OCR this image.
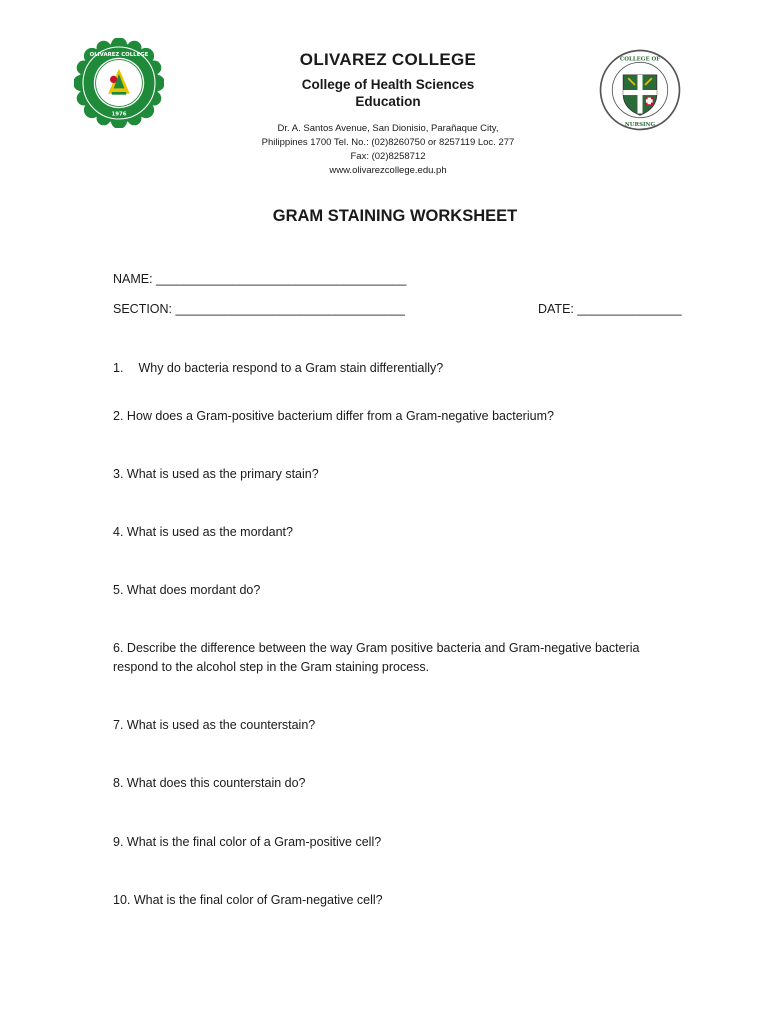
OLIVAREZ COLLEGE
1976
COLLEGE OF
NURSING
OLIVAREZ COLLEGE
College of Health Sciences
Education
Dr. A. Santos Avenue, San Dionisio, Parañaque City,
Philippines 1700 Tel. No.: (02)8260750 or 8257119 Loc. 277
Fax: (02)8258712
www.olivarezcollege.edu.ph
GRAM STAINING WORKSHEET
NAME: ____________________________________
SECTION: _________________________________	DATE: _______________
1. Why do bacteria respond to a Gram stain differentially?
2. How does a Gram-positive bacterium differ from a Gram-negative bacterium?
3. What is used as the primary stain?
4. What is used as the mordant?
5. What does mordant do?
6. Describe the difference between the way Gram positive bacteria and Gram-negative bacteria respond to the alcohol step in the Gram staining process.
7. What is used as the counterstain?
8. What does this counterstain do?
9. What is the final color of a Gram-positive cell?
10. What is the final color of Gram-negative cell?
